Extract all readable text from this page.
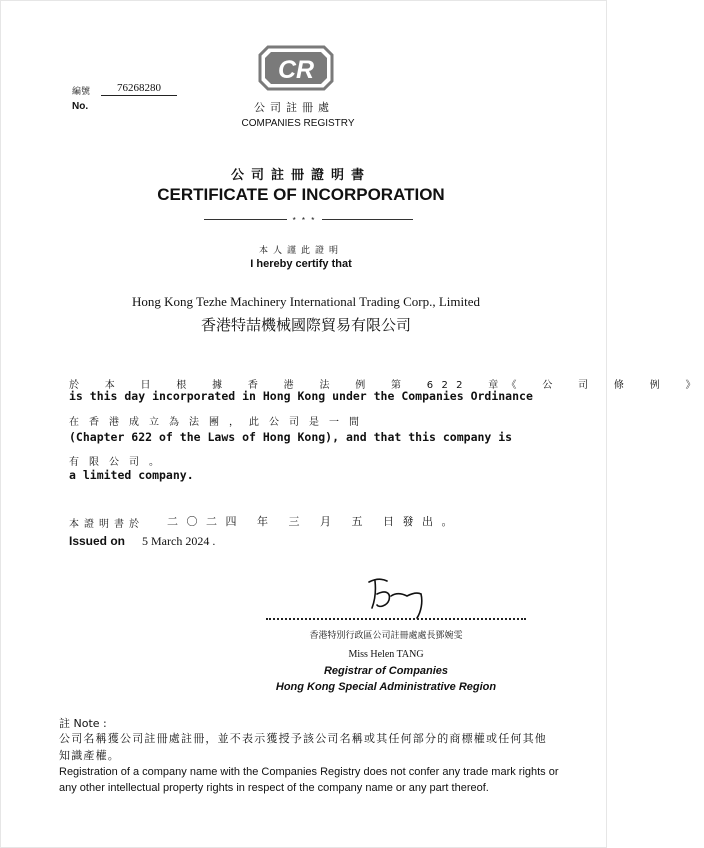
編號	76268280
No.
CR
公司註冊處
COMPANIES REGISTRY
公司註冊證明書
CERTIFICATE OF INCORPORATION
* * *
本人謹此證明
I hereby certify that
Hong Kong Tezhe Machinery International Trading Corp., Limited
香港特喆機械國際貿易有限公司
於 本 日 根 據 香 港 法 例 第 622 章《 公 司 條 例 》
is this day incorporated in Hong Kong under the Companies Ordinance
在香港成立為法團，此公司是一間
(Chapter 622 of the Laws of Hong Kong), and that this company is
有限公司。
a limited company.
本證明書於 二〇二四 年 三 月 五 日發出。
Issued on 5 March 2024 .
香港特別行政區公司註冊處處長鄧婉雯
Miss Helen TANG
Registrar of Companies
Hong Kong Special Administrative Region
註 Note :
公司名稱獲公司註冊處註冊，並不表示獲授予該公司名稱或其任何部分的商標權或任何其他知識產權。
Registration of a company name with the Companies Registry does not confer any trade mark rights or any other intellectual property rights in respect of the company name or any part thereof.
